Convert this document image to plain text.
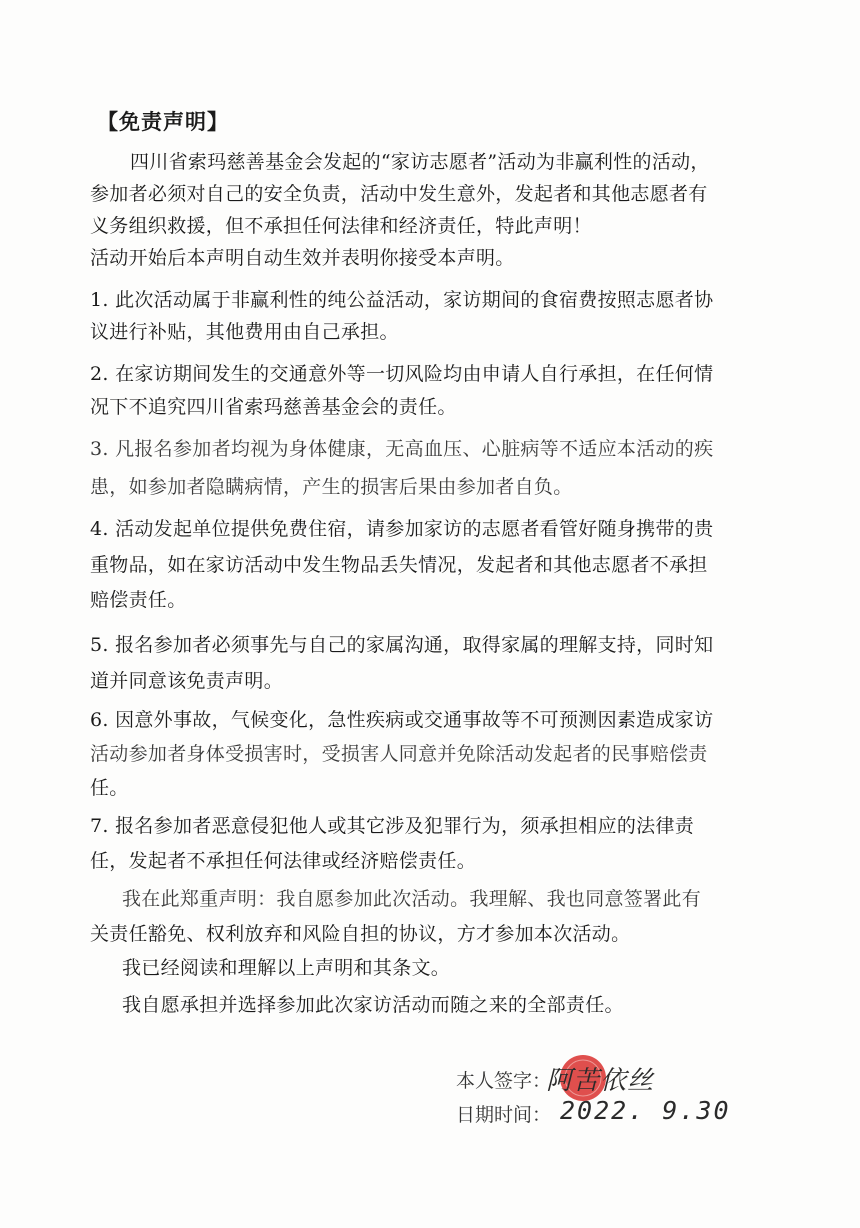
【免责声明】
四川省索玛慈善基金会发起的“家访志愿者”活动为非赢利性的活动，
参加者必须对自己的安全负责，活动中发生意外，发起者和其他志愿者有
义务组织救援，但不承担任何法律和经济责任，特此声明！
活动开始后本声明自动生效并表明你接受本声明。
1. 此次活动属于非赢利性的纯公益活动，家访期间的食宿费按照志愿者协
议进行补贴，其他费用由自己承担。
2. 在家访期间发生的交通意外等一切风险均由申请人自行承担，在任何情
况下不追究四川省索玛慈善基金会的责任。
3. 凡报名参加者均视为身体健康，无高血压、心脏病等不适应本活动的疾
患，如参加者隐瞒病情，产生的损害后果由参加者自负。
4. 活动发起单位提供免费住宿，请参加家访的志愿者看管好随身携带的贵
重物品，如在家访活动中发生物品丢失情况，发起者和其他志愿者不承担
赔偿责任。
5. 报名参加者必须事先与自己的家属沟通，取得家属的理解支持，同时知
道并同意该免责声明。
6. 因意外事故，气候变化，急性疾病或交通事故等不可预测因素造成家访
活动参加者身体受损害时，受损害人同意并免除活动发起者的民事赔偿责
任。
7. 报名参加者恶意侵犯他人或其它涉及犯罪行为，须承担相应的法律责
任，发起者不承担任何法律或经济赔偿责任。
我在此郑重声明：我自愿参加此次活动。我理解、我也同意签署此有
关责任豁免、权利放弃和风险自担的协议，方才参加本次活动。
我已经阅读和理解以上声明和其条文。
我自愿承担并选择参加此次家访活动而随之来的全部责任。
本人签字：
阿苦依丝
日期时间： 2022. 9.30
